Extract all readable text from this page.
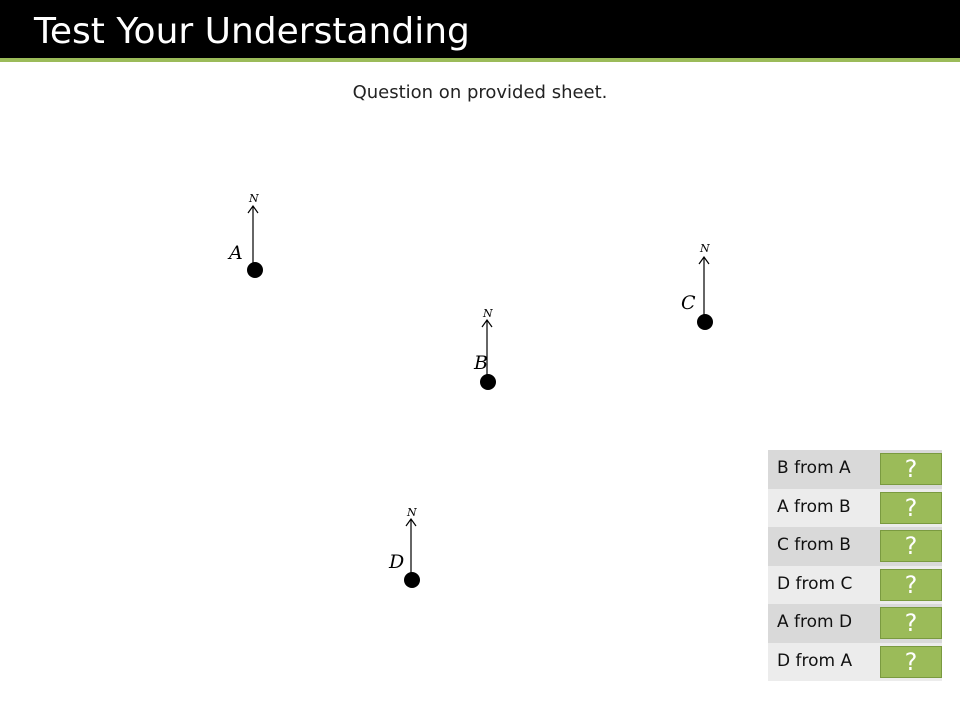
Test Your Understanding
Question on provided sheet.
N
A	N
C
N
B
N
D
B from A	?
A from B	?
C from B	?
D from C	?
A from D	?
D from A	?
